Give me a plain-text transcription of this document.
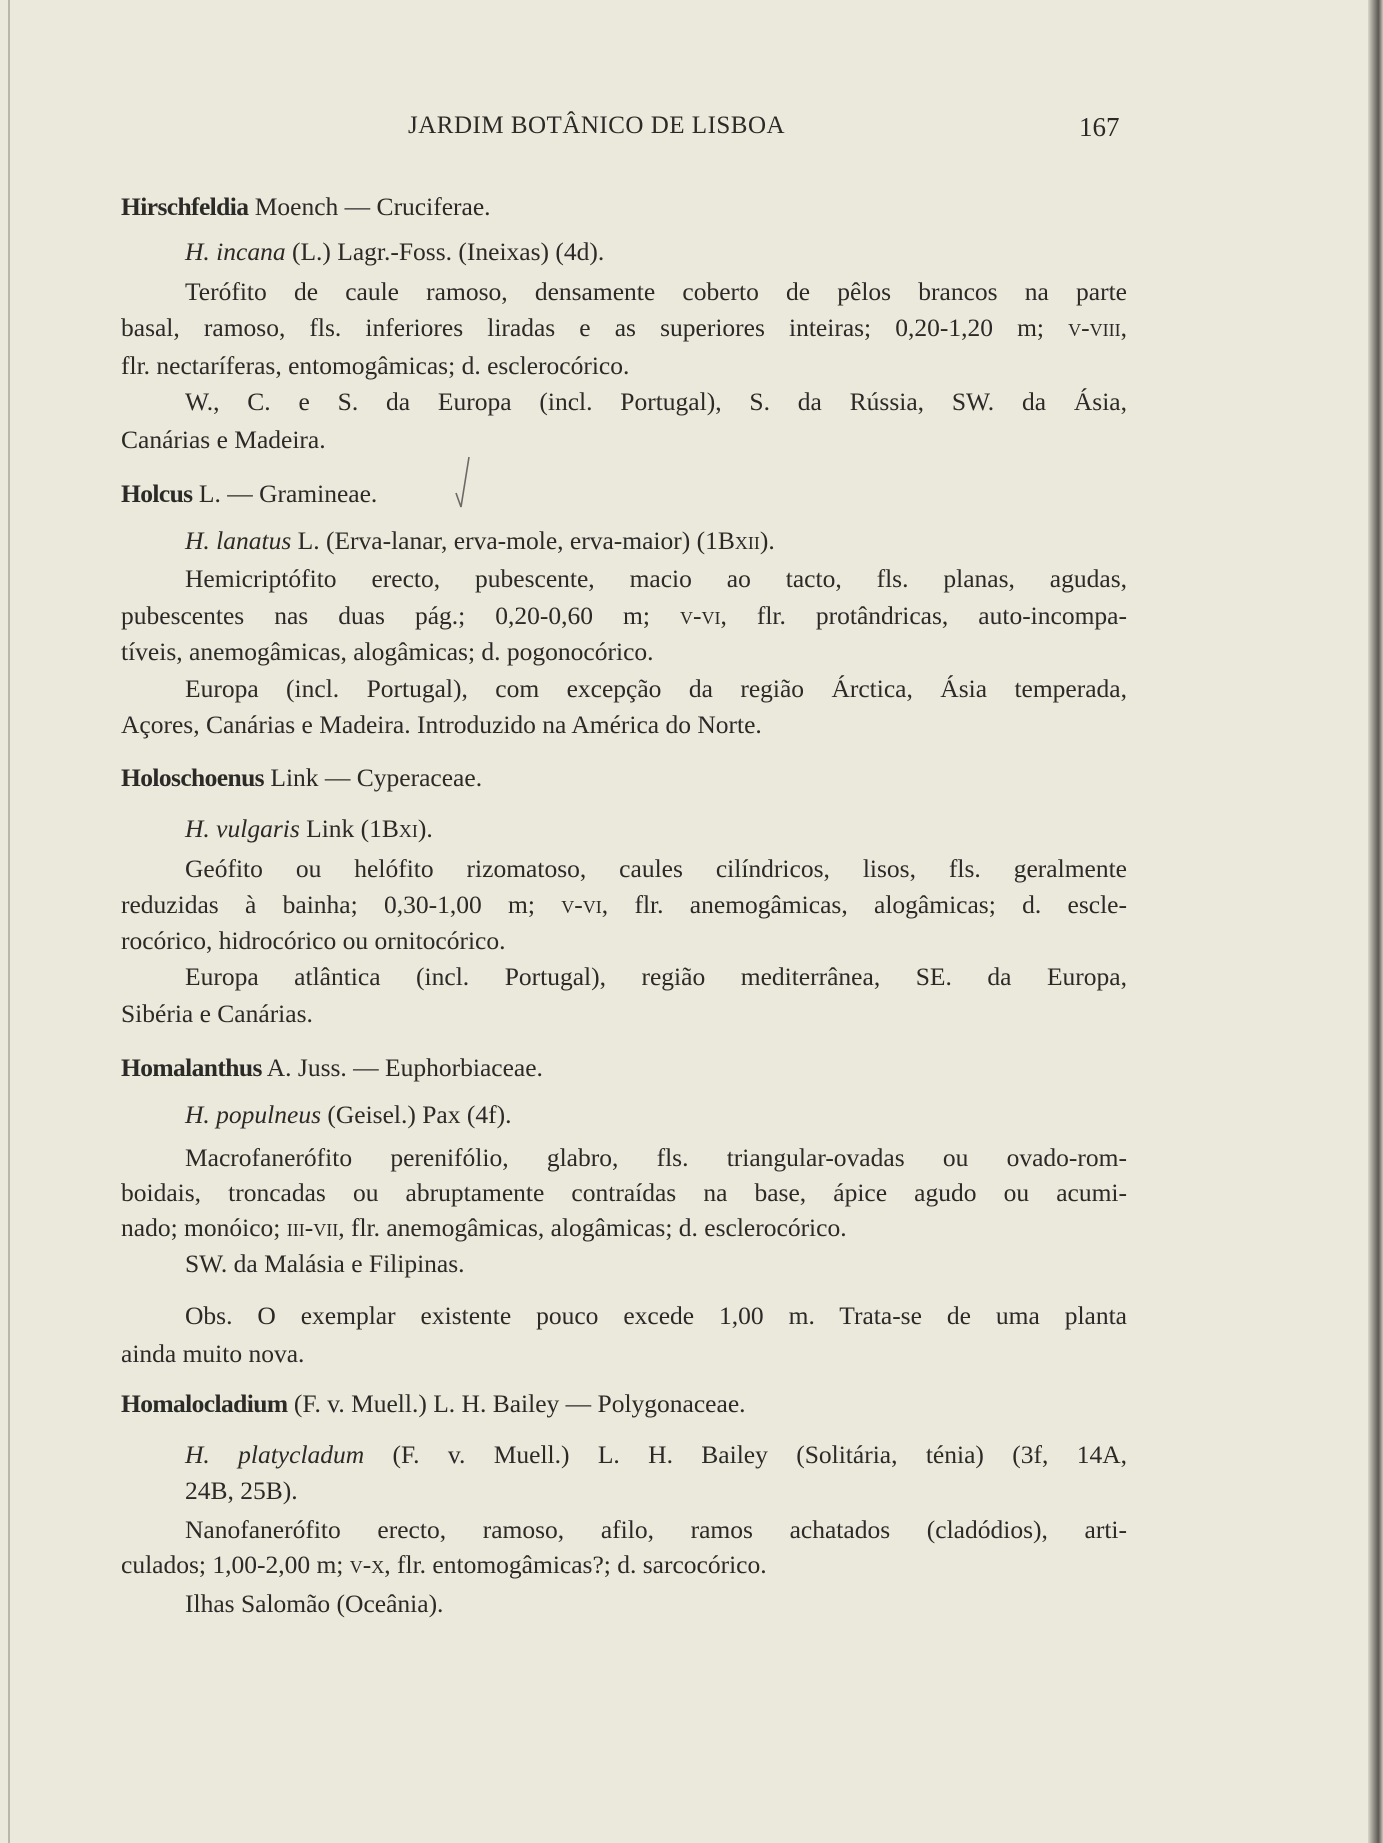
JARDIM BOTÂNICO DE LISBOA	167
Hirschfeldia Moench — Cruciferae.
H. incana (L.) Lagr.-Foss. (Ineixas) (4d).
Terófito de caule ramoso, densamente coberto de pêlos brancos na parte
basal, ramoso, fls. inferiores liradas e as superiores inteiras; 0,20-1,20 m; v-viii,
flr. nectaríferas, entomogâmicas; d. esclerocórico.
W., C. e S. da Europa (incl. Portugal), S. da Rússia, SW. da Ásia,
Canárias e Madeira.
Holcus L. — Gramineae.
H. lanatus L. (Erva-lanar, erva-mole, erva-maior) (1Bxii).
Hemicriptófito erecto, pubescente, macio ao tacto, fls. planas, agudas,
pubescentes nas duas pág.; 0,20-0,60 m; v-vi, flr. protândricas, auto-incompa-
tíveis, anemogâmicas, alogâmicas; d. pogonocórico.
Europa (incl. Portugal), com excepção da região Árctica, Ásia temperada,
Açores, Canárias e Madeira. Introduzido na América do Norte.
Holoschoenus Link — Cyperaceae.
H. vulgaris Link (1Bxi).
Geófito ou helófito rizomatoso, caules cilíndricos, lisos, fls. geralmente
reduzidas à bainha; 0,30-1,00 m; v-vi, flr. anemogâmicas, alogâmicas; d. escle-
rocórico, hidrocórico ou ornitocórico.
Europa atlântica (incl. Portugal), região mediterrânea, SE. da Europa,
Sibéria e Canárias.
Homalanthus A. Juss. — Euphorbiaceae.
H. populneus (Geisel.) Pax (4f).
Macrofanerófito perenifólio, glabro, fls. triangular-ovadas ou ovado-rom-
boidais, troncadas ou abruptamente contraídas na base, ápice agudo ou acumi-
nado; monóico; iii-vii, flr. anemogâmicas, alogâmicas; d. esclerocórico.
SW. da Malásia e Filipinas.
Obs. O exemplar existente pouco excede 1,00 m. Trata-se de uma planta
ainda muito nova.
Homalocladium (F. v. Muell.) L. H. Bailey — Polygonaceae.
H. platycladum (F. v. Muell.) L. H. Bailey (Solitária, ténia) (3f, 14A,
24B, 25B).
Nanofanerófito erecto, ramoso, afilo, ramos achatados (cladódios), arti-
culados; 1,00-2,00 m; v-x, flr. entomogâmicas?; d. sarcocórico.
Ilhas Salomão (Oceânia).
